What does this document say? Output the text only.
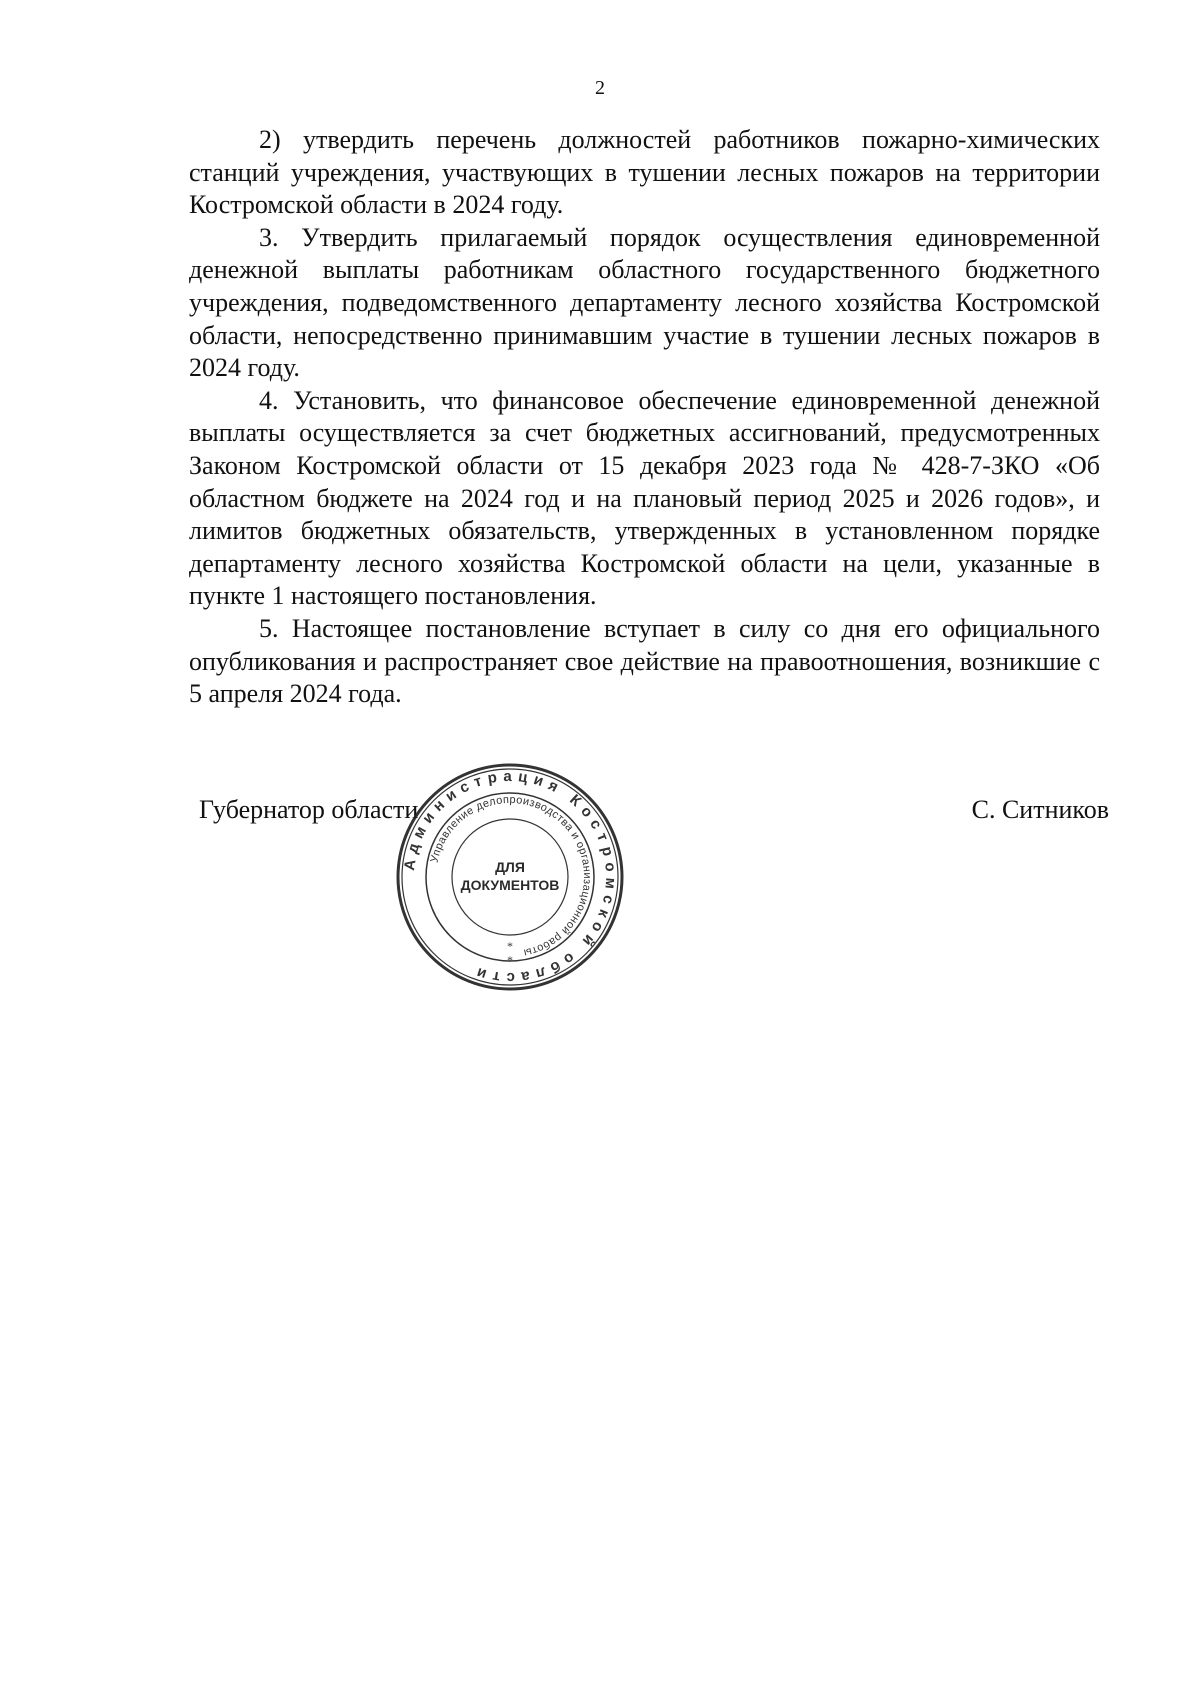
2

2) утвердить перечень должностей работников пожарно-химических станций учреждения, участвующих в тушении лесных пожаров на территории Костромской области в 2024 году.

3. Утвердить прилагаемый порядок осуществления единовременной денежной выплаты работникам областного государственного бюджетного учреждения, подведомственного департаменту лесного хозяйства Костромской области, непосредственно принимавшим участие в тушении лесных пожаров в 2024 году.

4. Установить, что финансовое обеспечение единовременной денежной выплаты осуществляется за счет бюджетных ассигнований, предусмотренных Законом Костромской области от 15 декабря 2023 года № 428-7-ЗКО «Об областном бюджете на 2024 год и на плановый период 2025 и 2026 годов», и лимитов бюджетных обязательств, утвержденных в установленном порядке департаменту лесного хозяйства Костромской области на цели, указанные в пункте 1 настоящего постановления.

5. Настоящее постановление вступает в силу со дня его официального опубликования и распространяет свое действие на правоотношения, возникшие с 5 апреля 2024 года.

Губернатор области	С. Ситников
Администрация Костромской области
Управление делопроизводства и организационной работы
*
*
ДЛЯ
ДОКУМЕНТОВ
